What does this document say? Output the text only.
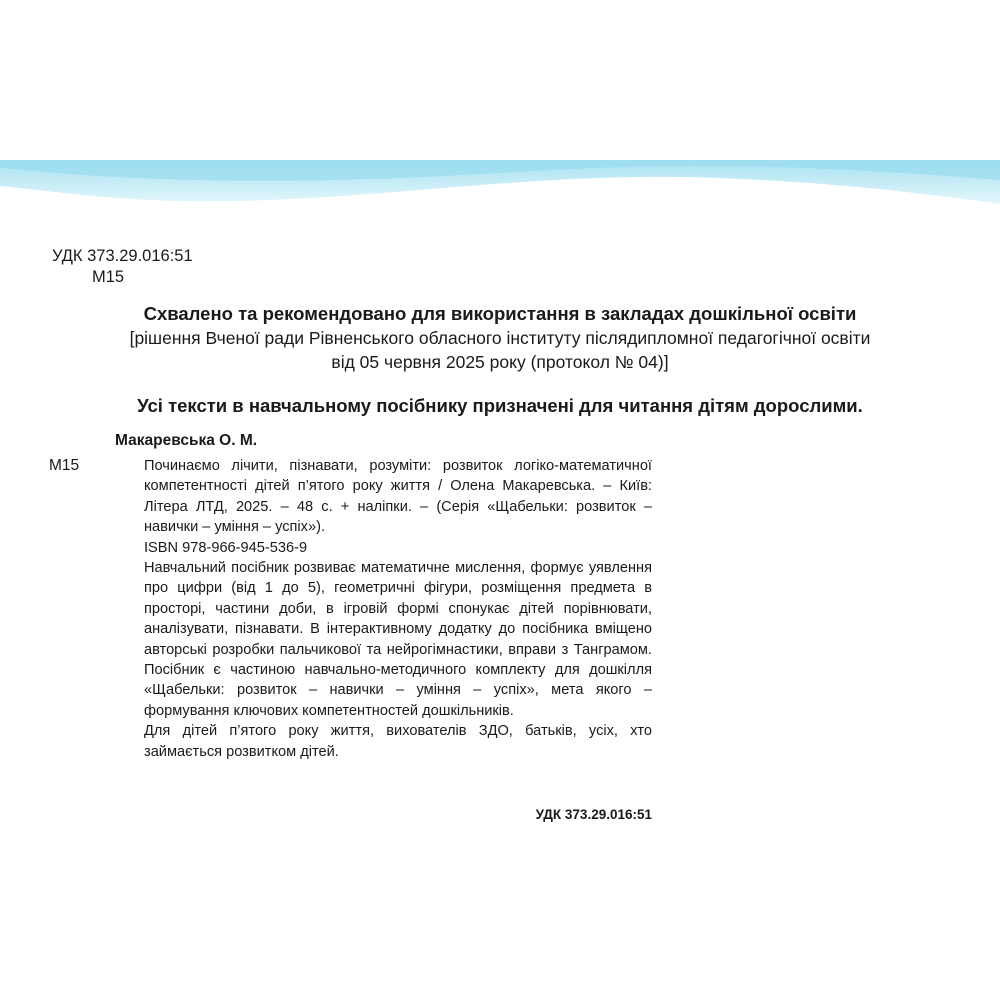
УДК 373.29.016:51
М15
Схвалено та рекомендовано для використання в закладах дошкільної освіти
[рішення Вченої ради Рівненського обласного інституту післядипломної педагогічної освіти
від 05 червня 2025 року (протокол № 04)]
Усі тексти в навчальному посібнику призначені для читання дітям дорослими.
Макаревська О. М.
М15	Починаємо лічити, пізнавати, розуміти: розвиток логіко-математичної компетентності дітей п’ятого року життя / Олена Макаревська. – Київ: Літера ЛТД, 2025. – 48 с. + наліпки. – (Серія «Щабельки: розвиток – навички – уміння – успіх»).

ISBN 978-966-945-536-9

Навчальний посібник розвиває математичне мислення, формує уявлення про цифри (від 1 до 5), геометричні фігури, розміщення предмета в просторі, частини доби, в ігровій формі спонукає дітей порівнювати, аналізувати, пізнавати. В інтерактивному додатку до посібника вміщено авторські розробки пальчикової та нейрогімнастики, вправи з Танграмом. Посібник є частиною навчально-методичного комплекту для дошкілля «Щабельки: розвиток – навички – уміння – успіх», мета якого – формування ключових компетентностей дошкільників.

Для дітей п’ятого року життя, вихователів ЗДО, батьків, усіх, хто займається розвитком дітей.

УДК 373.29.016:51
